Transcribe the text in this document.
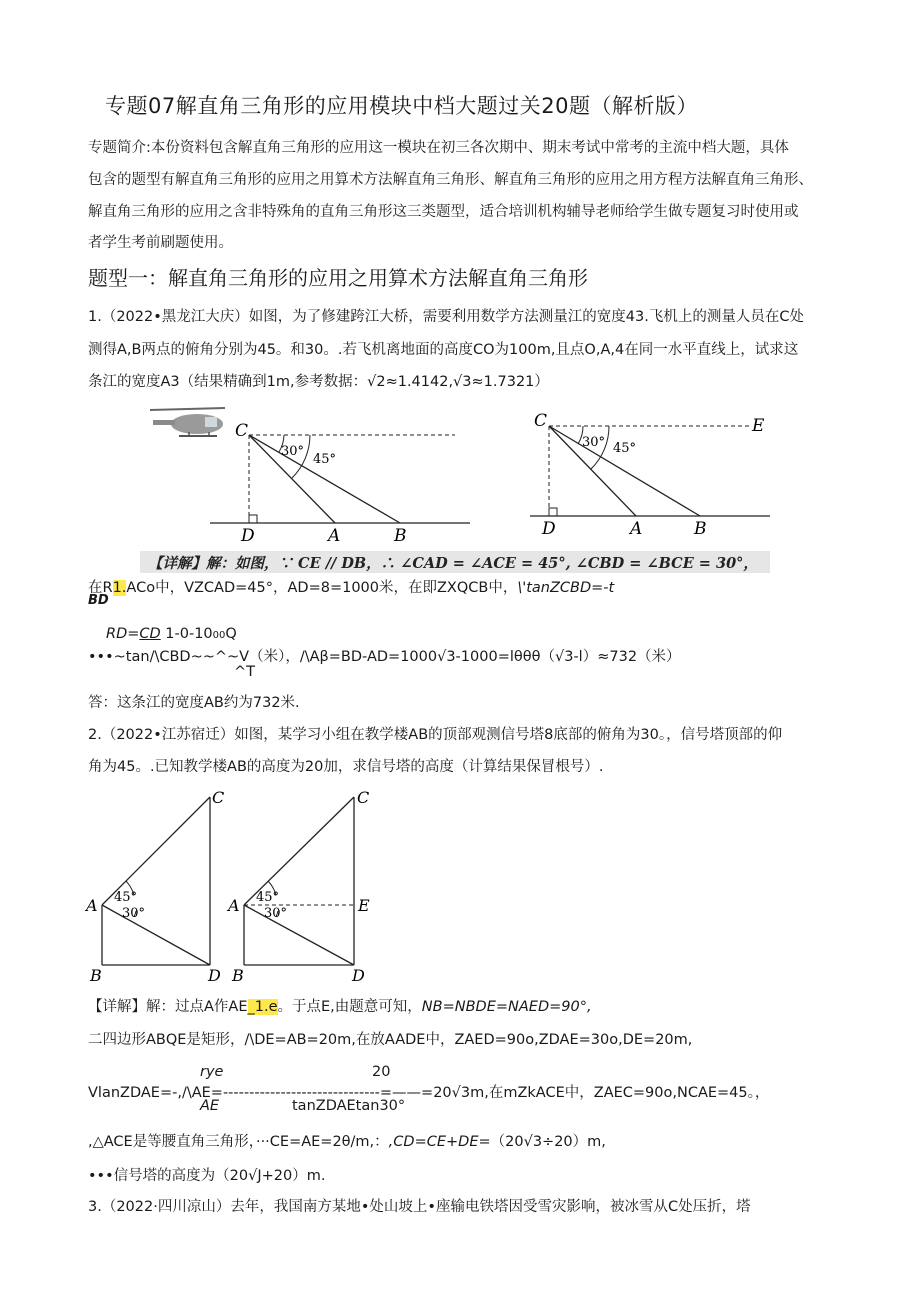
专题07解直角三角形的应用模块中档大题过关20题（解析版）
专题简介:本份资料包含解直角三角形的应用这一模块在初三各次期中、期末考试中常考的主流中档大题，具体
包含的题型有解直角三角形的应用之用算术方法解直角三角形、解直角三角形的应用之用方程方法解直角三角形、
解直角三角形的应用之含非特殊角的直角三角形这三类题型，适合培训机构辅导老师给学生做专题复习时使用或
者学生考前刷题使用。
题型一：解直角三角形的应用之用算术方法解直角三角形
1.（2022•黑龙江大庆）如图，为了修建跨江大桥，需要利用数学方法测量江的宽度43.飞机上的测量人员在C处
测得A,B两点的俯角分别为45。和30。.若飞机离地面的高度CO为100m,且点O,A,4在同一水平直线上，试求这
条江的宽度A3（结果精确到1m,参考数据：√2≈1.4142,√3≈1.7321）
C
D	A	B
30°
45°
C	E
D	A	B
30° 45°
【详解】解：如图，∵ CE // DB，∴ ∠CAD = ∠ACE = 45°, ∠CBD = ∠BCE = 30°，
在R1.ACo中，VZCAD=45°，AD=8=1000米，在即ZXQCB中，\'tanZCBD=-t
BD
RD=CD 1-0-1000Q
•••~tan/\CBD~~^~V（米），/\Aβ=BD-AD=1000√3-1000=lθθθ（√3-l）≈732（米）
^T
答：这条江的宽度AB约为732米.
2.（2022•江苏宿迁）如图，某学习小组在教学楼AB的顶部观测信号塔8底部的俯角为30。，信号塔顶部的仰
角为45。.已知教学楼AB的高度为20加，求信号塔的高度（计算结果保冒根号）.
C
A
B	D
45°
30°
C
A	E
B	D
45°
30°
【详解】解：过点A作AE_1.e。于点E,由题意可知，NB=NBDE=NAED=90°,
二四边形ABQE是矩形，/\DE=AB=20m,在放AADE中，ZAED=90o,ZDAE=30o,DE=20m,
rye	20
VlanZDAE=-,/\AE=------------------------------=——=20√3m,在mZkACE中，ZAEC=90o,NCAE=45。，
AE	tanZDAEtan30°
,△ACE是等腰直角三角形，···CE=AE=2θ/m,：,CD=CE+DE=（20√3÷20）m,
•••信号塔的高度为（20√J+20）m.
3.（2022·四川凉山）去年，我国南方某地•处山坡上•座输电铁塔因受雪灾影响，被冰雪从C处压折，塔
